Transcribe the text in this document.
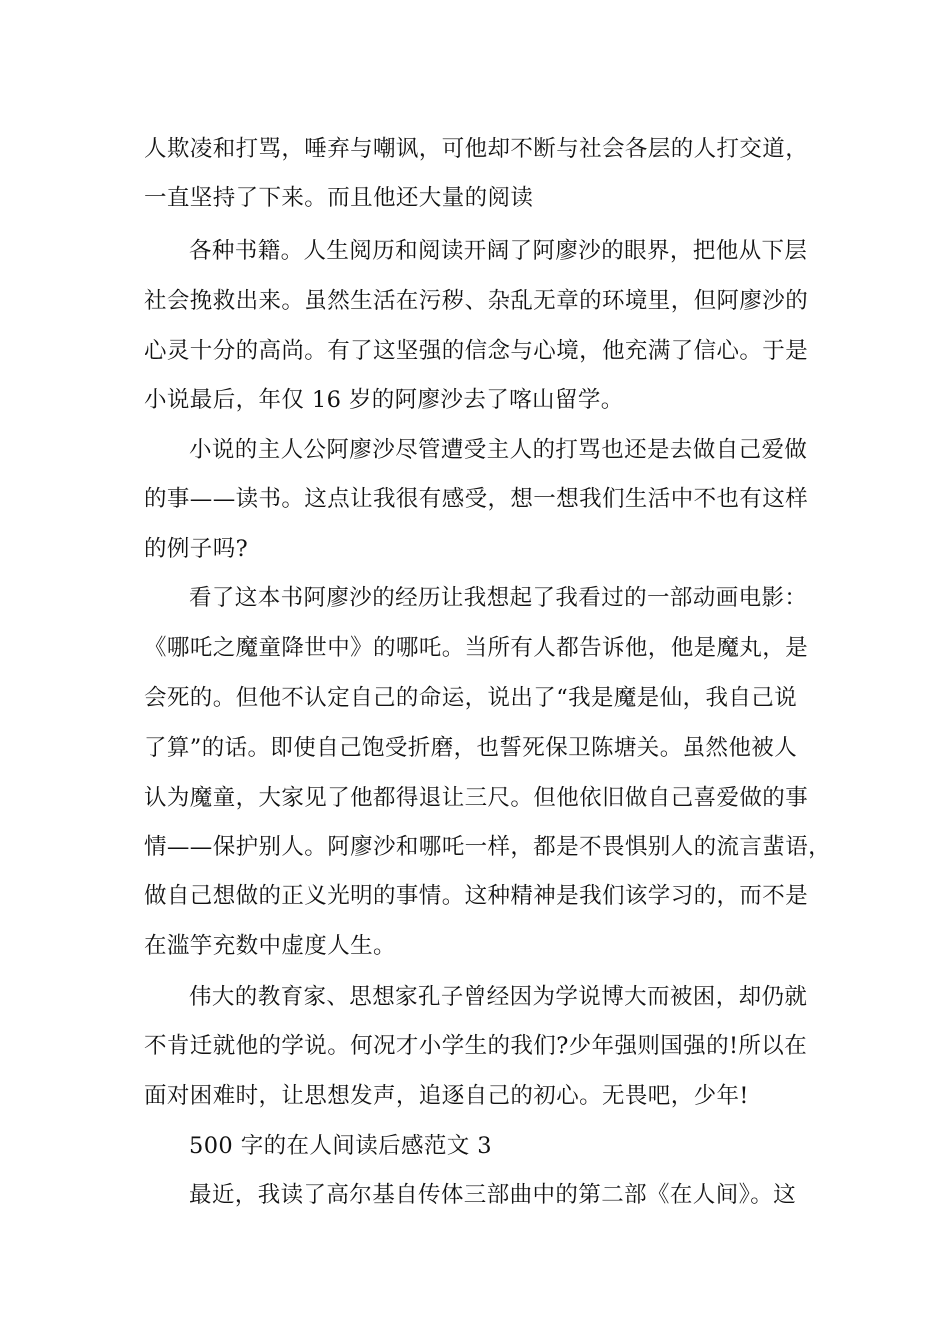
人欺凌和打骂，唾弃与嘲讽，可他却不断与社会各层的人打交道，
一直坚持了下来。而且他还大量的阅读
各种书籍。人生阅历和阅读开阔了阿廖沙的眼界，把他从下层
社会挽救出来。虽然生活在污秽、杂乱无章的环境里，但阿廖沙的
心灵十分的高尚。有了这坚强的信念与心境，他充满了信心。于是
小说最后，年仅 16 岁的阿廖沙去了喀山留学。
小说的主人公阿廖沙尽管遭受主人的打骂也还是去做自己爱做
的事——读书。这点让我很有感受，想一想我们生活中不也有这样
的例子吗?
看了这本书阿廖沙的经历让我想起了我看过的一部动画电影：
《哪吒之魔童降世中》的哪吒。当所有人都告诉他，他是魔丸，是
会死的。但他不认定自己的命运，说出了“我是魔是仙，我自己说
了算”的话。即使自己饱受折磨，也誓死保卫陈塘关。虽然他被人
认为魔童，大家见了他都得退让三尺。但他依旧做自己喜爱做的事
情——保护别人。阿廖沙和哪吒一样，都是不畏惧别人的流言蜚语，
做自己想做的正义光明的事情。这种精神是我们该学习的，而不是
在滥竽充数中虚度人生。
伟大的教育家、思想家孔子曾经因为学说博大而被困，却仍就
不肯迁就他的学说。何况才小学生的我们?少年强则国强的!所以在
面对困难时，让思想发声，追逐自己的初心。无畏吧，少年!
500 字的在人间读后感范文 3
最近，我读了高尔基自传体三部曲中的第二部《在人间》。这
